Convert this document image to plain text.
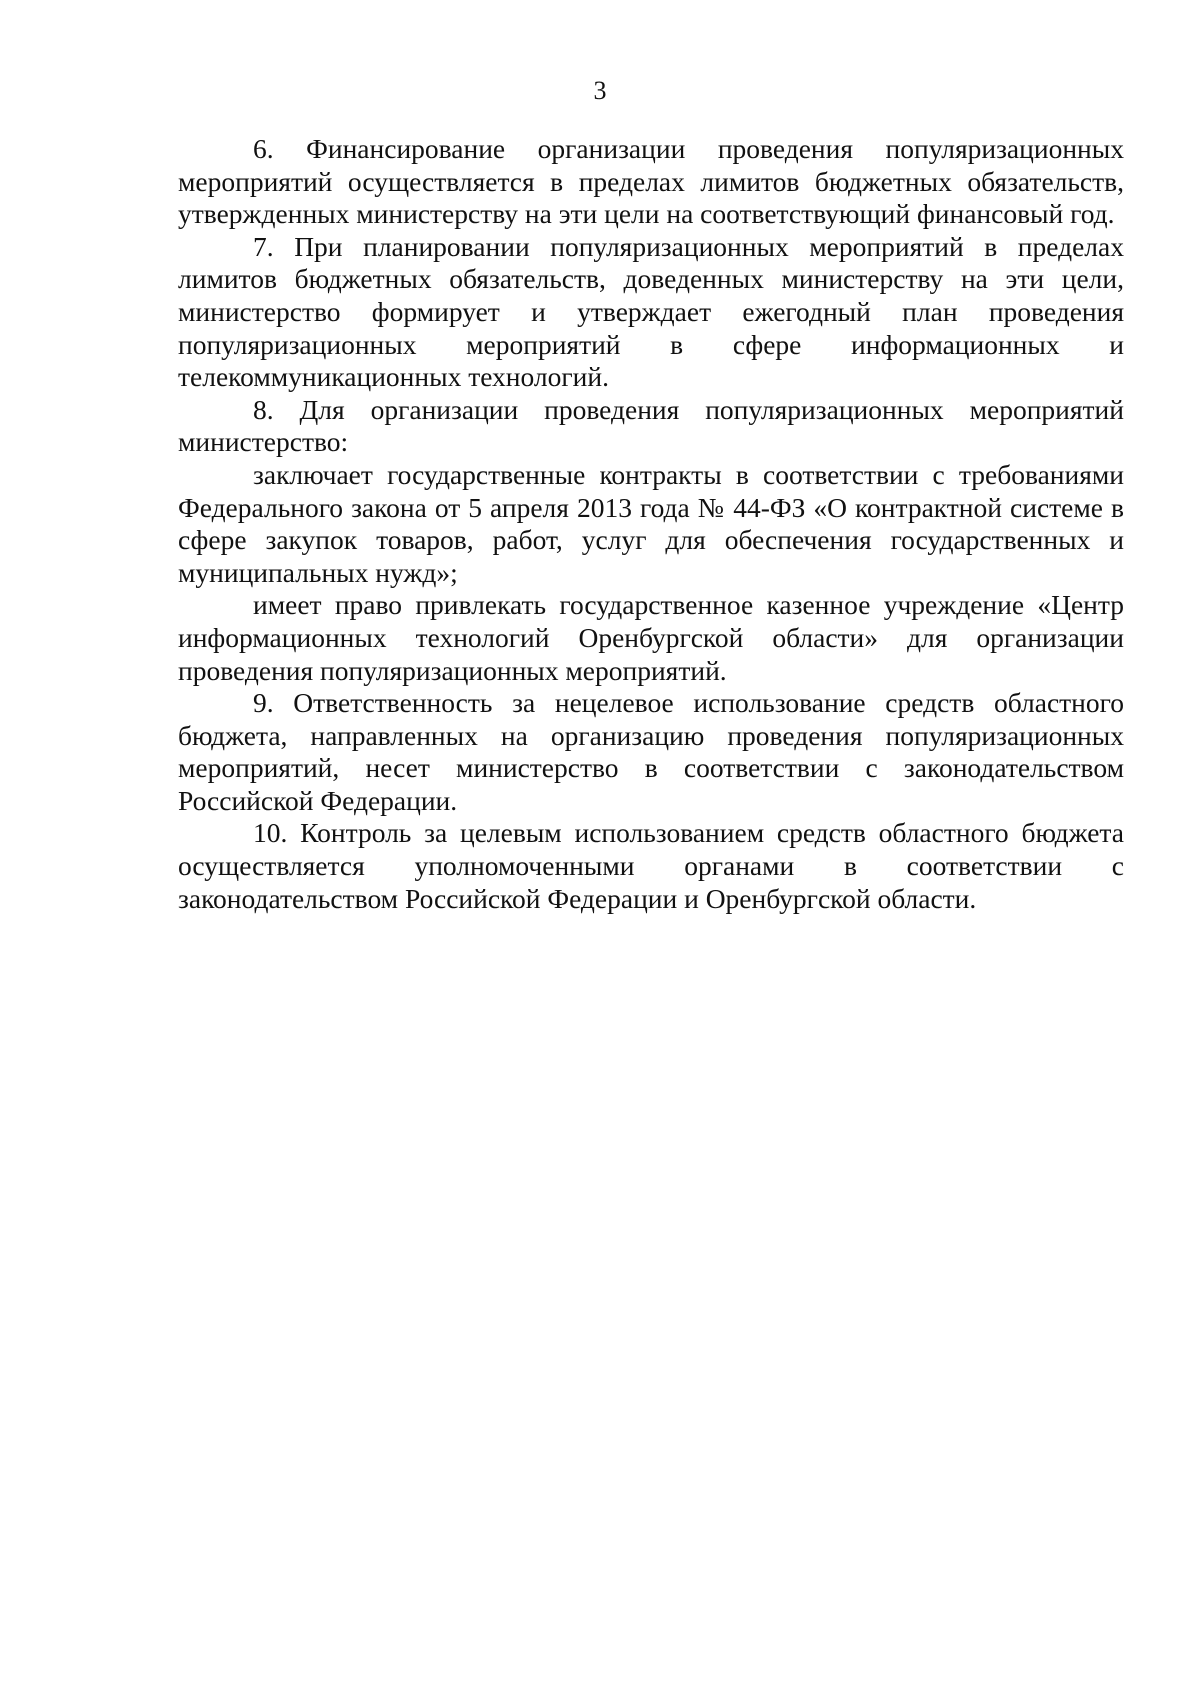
3

6. Финансирование организации проведения популяризационных мероприятий осуществляется в пределах лимитов бюджетных обязательств, утвержденных министерству на эти цели на соответствующий финансовый год.

7. При планировании популяризационных мероприятий в пределах лимитов бюджетных обязательств, доведенных министерству на эти цели, министерство формирует и утверждает ежегодный план проведения популяризационных мероприятий в сфере информационных и телекоммуникационных технологий.

8. Для организации проведения популяризационных мероприятий министерство:

заключает государственные контракты в соответствии с требованиями Федерального закона от 5 апреля 2013 года № 44-ФЗ «О контрактной системе в сфере закупок товаров, работ, услуг для обеспечения государственных и муниципальных нужд»;

имеет право привлекать государственное казенное учреждение «Центр информационных технологий Оренбургской области» для организации проведения популяризационных мероприятий.

9. Ответственность за нецелевое использование средств областного бюджета, направленных на организацию проведения популяризационных мероприятий, несет министерство в соответствии с законодательством Российской Федерации.

10. Контроль за целевым использованием средств областного бюджета осуществляется уполномоченными органами в соответствии с законодательством Российской Федерации и Оренбургской области.
